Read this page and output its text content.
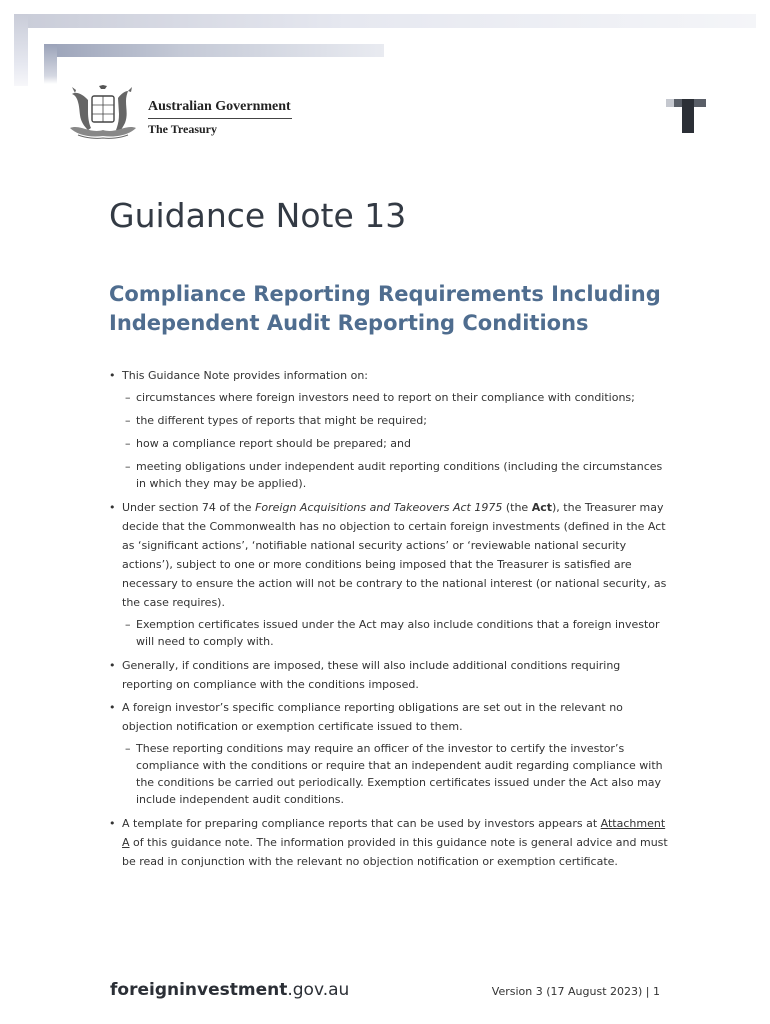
Australian Government
The Treasury
Guidance Note 13
Compliance Reporting Requirements Including
Independent Audit Reporting Conditions
• This Guidance Note provides information on:
– circumstances where foreign investors need to report on their compliance with conditions;
– the different types of reports that might be required;
– how a compliance report should be prepared; and
– meeting obligations under independent audit reporting conditions (including the circumstances in which they may be applied).
• Under section 74 of the Foreign Acquisitions and Takeovers Act 1975 (the Act), the Treasurer may decide that the Commonwealth has no objection to certain foreign investments (defined in the Act as ‘significant actions’, ‘notifiable national security actions’ or ‘reviewable national security actions’), subject to one or more conditions being imposed that the Treasurer is satisfied are necessary to ensure the action will not be contrary to the national interest (or national security, as the case requires).
– Exemption certificates issued under the Act may also include conditions that a foreign investor will need to comply with.
• Generally, if conditions are imposed, these will also include additional conditions requiring reporting on compliance with the conditions imposed.
• A foreign investor’s specific compliance reporting obligations are set out in the relevant no objection notification or exemption certificate issued to them.
– These reporting conditions may require an officer of the investor to certify the investor’s compliance with the conditions or require that an independent audit regarding compliance with the conditions be carried out periodically. Exemption certificates issued under the Act also may include independent audit conditions.
• A template for preparing compliance reports that can be used by investors appears at Attachment A of this guidance note. The information provided in this guidance note is general advice and must be read in conjunction with the relevant no objection notification or exemption certificate.
foreigninvestment.gov.au	Version 3 (17 August 2023) | 1
